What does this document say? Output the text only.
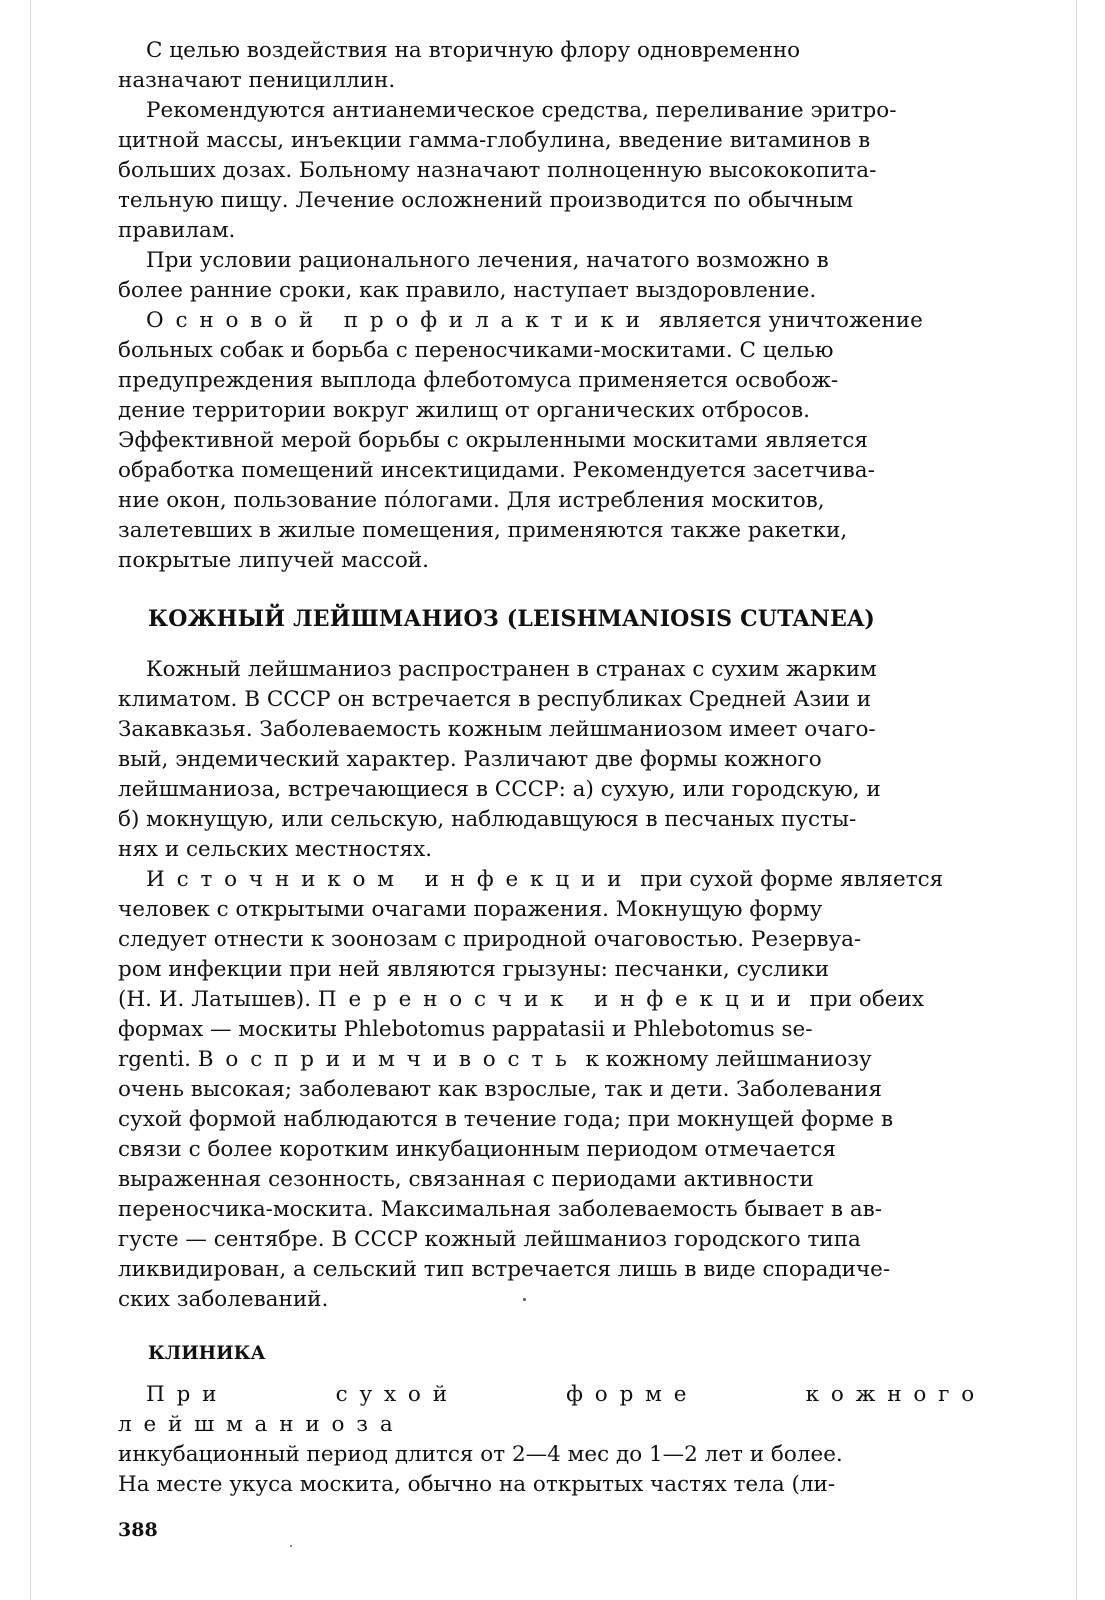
С целью воздействия на вторичную флору одновременно
назначают пенициллин.

Рекомендуются антианемическое средства, переливание эритро-
цитной массы, инъекции гамма-глобулина, введение витаминов в
больших дозах. Больному назначают полноценную высококопита-
тельную пищу. Лечение осложнений производится по обычным
правилам.

При условии рационального лечения, начатого возможно в
более ранние сроки, как правило, наступает выздоровление.

Основой профилактики является уничтожение
больных собак и борьба с переносчиками-москитами. С целью
предупреждения выплода флеботомуса применяется освобож-
дение территории вокруг жилищ от органических отбросов.
Эффективной мерой борьбы с окрыленными москитами является
обработка помещений инсектицидами. Рекомендуется засетчива-
ние окон, пользование пóлогами. Для истребления москитов,
залетевших в жилые помещения, применяются также ракетки,
покрытые липучей массой.

КОЖНЫЙ ЛЕЙШМАНИОЗ (LEISHMANIOSIS CUTANEA)

Кожный лейшманиоз распространен в странах с сухим жарким
климатом. В СССР он встречается в республиках Средней Азии и
Закавказья. Заболеваемость кожным лейшманиозом имеет очаго-
вый, эндемический характер. Различают две формы кожного
лейшманиоза, встречающиеся в СССР: а) сухую, или городскую, и
б) мокнущую, или сельскую, наблюдавщуюся в песчаных пусты-
нях и сельских местностях.

Источником инфекции при сухой форме является
человек с открытыми очагами поражения. Мокнущую форму
следует отнести к зоонозам с природной очаговостью. Резервуа-
ром инфекции при ней являются грызуны: песчанки, суслики
(Н. И. Латышев). Переносчик инфекции при обеих
формах — москиты Phlebotomus pappatasii и Phlebotomus se-
rgenti. Восприимчивость к кожному лейшманиозу
очень высокая; заболевают как взрослые, так и дети. Заболевания
сухой формой наблюдаются в течение года; при мокнущей форме в
связи с более коротким инкубационным периодом отмечается
выраженная сезонность, связанная с периодами активности
переносчика-москита. Максимальная заболеваемость бывает в ав-
густе — сентябре. В СССР кожный лейшманиоз городского типа
ликвидирован, а сельский тип встречается лишь в виде спорадиче-
ских заболеваний.

КЛИНИКА

При сухой форме кожного лейшманиоза
инкубационный период длится от 2—4 мес до 1—2 лет и более.
На месте укуса москита, обычно на открытых частях тела (ли-

388
